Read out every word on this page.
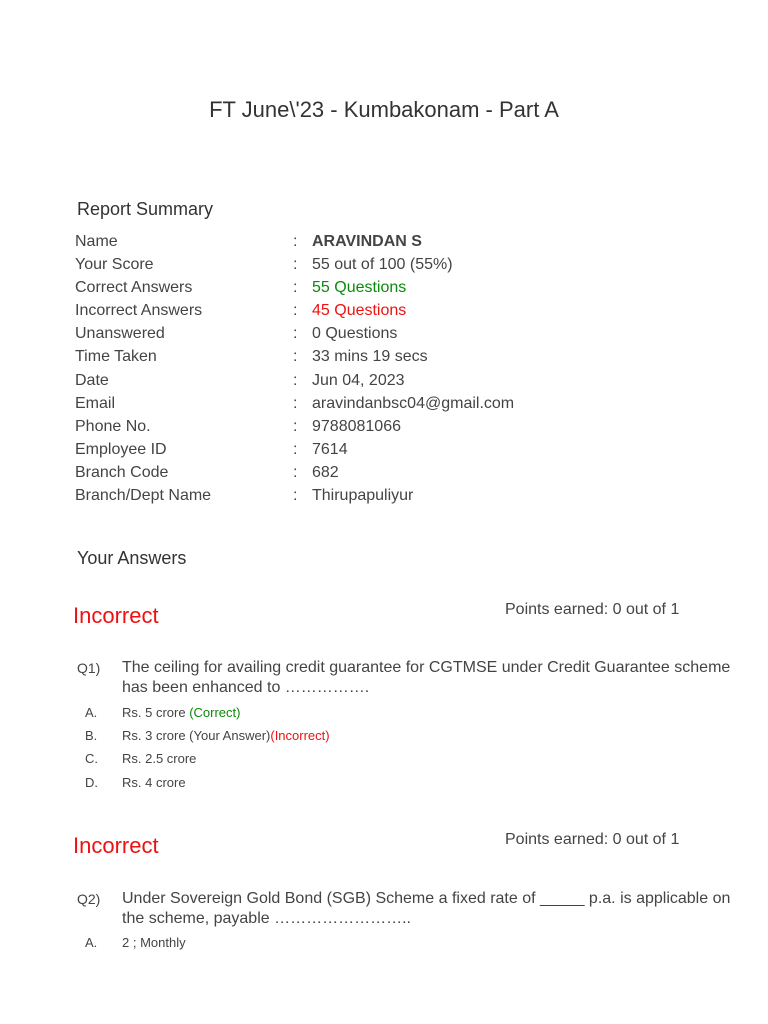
FT June\'23 - Kumbakonam - Part A
Report Summary
Name	: ARAVINDAN S
Your Score	: 55 out of 100 (55%)
Correct Answers	: 55 Questions
Incorrect Answers	: 45 Questions
Unanswered	: 0 Questions
Time Taken	: 33 mins 19 secs
Date	: Jun 04, 2023
Email	: aravindanbsc04@gmail.com
Phone No.	: 9788081066
Employee ID	: 7614
Branch Code	: 682
Branch/Dept Name	: Thirupapuliyur
Your Answers
Incorrect	Points earned: 0 out of 1
Q1) The ceiling for availing credit guarantee for CGTMSE under Credit Guarantee scheme has been enhanced to …………….
A. Rs. 5 crore (Correct)
B. Rs. 3 crore (Your Answer)(Incorrect)
C. Rs. 2.5 crore
D. Rs. 4 crore
Incorrect	Points earned: 0 out of 1
Q2) Under Sovereign Gold Bond (SGB) Scheme a fixed rate of _____ p.a. is applicable on the scheme, payable ……………………..
A. 2 ; Monthly
